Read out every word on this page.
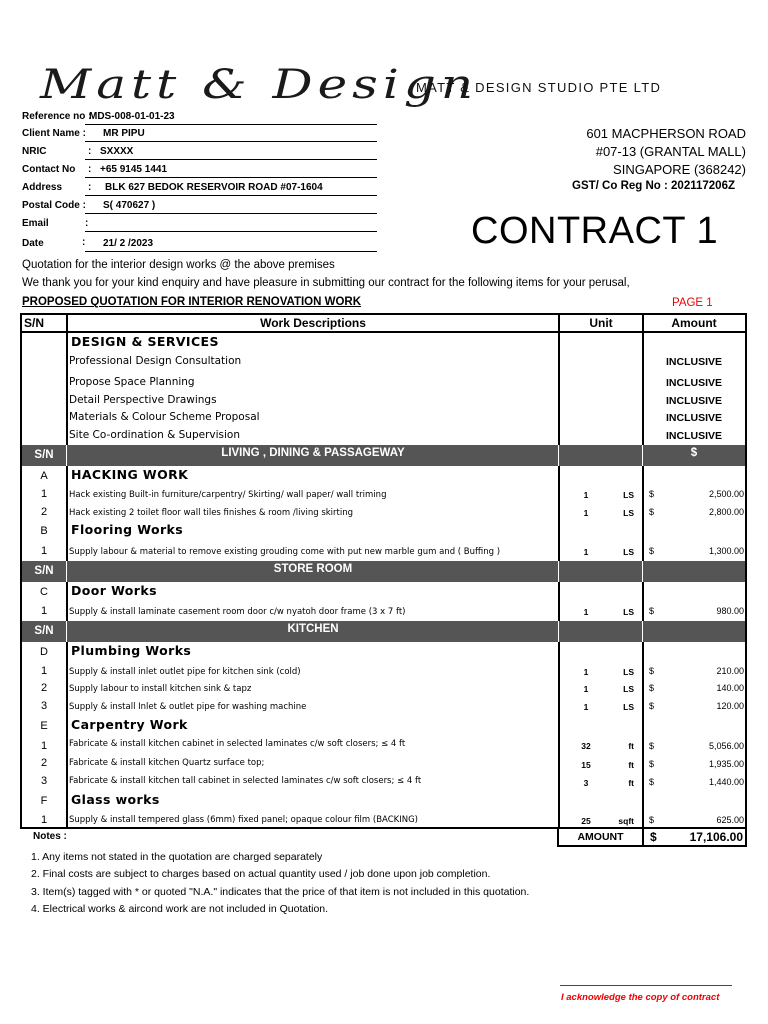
Matt & Design
MATT & DESIGN STUDIO PTE LTD
Reference no :
MDS-008-01-01-23
Client Name : MR PIPU
NRIC	: SXXXX
Contact No : +65 9145 1441
Address	: BLK 627 BEDOK RESERVOIR ROAD #07-1604
Postal Code : S( 470627 )
Email	:
Date	: 21/ 2 /2023
601 MACPHERSON ROAD
#07-13 (GRANTAL MALL)
SINGAPORE (368242)
GST/ Co Reg No : 202117206Z
CONTRACT 1
Quotation for the interior design works @ the above premises
We thank you for your kind enquiry and have pleasure in submitting our contract for the following items for your perusal,
PROPOSED QUOTATION FOR INTERIOR RENOVATION WORK	PAGE 1
S/N	Work Descriptions	Unit	Amount
DESIGN & SERVICES
Professional Design Consultation	INCLUSIVE
Propose Space Planning	INCLUSIVE
Detail Perspective Drawings	INCLUSIVE
Materials & Colour Scheme Proposal	INCLUSIVE
Site Co-ordination & Supervision	INCLUSIVE
S/N	LIVING , DINING & PASSAGEWAY	$
A	HACKING WORK
1	Hack existing Built-in furniture/carpentry/ Skirting/ wall paper/ wall triming	1	LS $	2,500.00
2	Hack existing 2 toilet floor wall tiles finishes & room /living skirting	1	LS $	2,800.00
B	Flooring Works
1	Supply labour & material to remove existing grouding come with put new marble gum and ( Buffing )	1	LS $	1,300.00
S/N	STORE ROOM
C	Door Works
1	Supply & install laminate casement room door c/w nyatoh door frame (3 x 7 ft)	1	LS $	980.00
S/N	KITCHEN
D	Plumbing Works
1	Supply & install inlet outlet pipe for kitchen sink (cold)	1	LS $	210.00
2	Supply labour to install kitchen sink & tapz	1	LS $	140.00
3	Supply & install Inlet & outlet pipe for washing machine	1	LS $	120.00
E	Carpentry Work
1	Fabricate & install kitchen cabinet in selected laminates c/w soft closers; ≤ 4 ft	32	ft $	5,056.00
2	Fabricate & install kitchen Quartz surface top;	15	ft $	1,935.00
3	Fabricate & install kitchen tall cabinet in selected laminates c/w soft closers; ≤ 4 ft	3	ft $	1,440.00
F	Glass works
1	Supply & install tempered glass (6mm) fixed panel; opaque colour film (BACKING)	25	sqft $	625.00
Notes :	AMOUNT	$	17,106.00
1. Any items not stated in the quotation are charged separately
2. Final costs are subject to charges based on actual quantity used / job done upon job completion.
3. Item(s) tagged with * or quoted "N.A." indicates that the price of that item is not included in this quotation.
4. Electrical works & aircond work are not included in Quotation.
I acknowledge the copy of contract
